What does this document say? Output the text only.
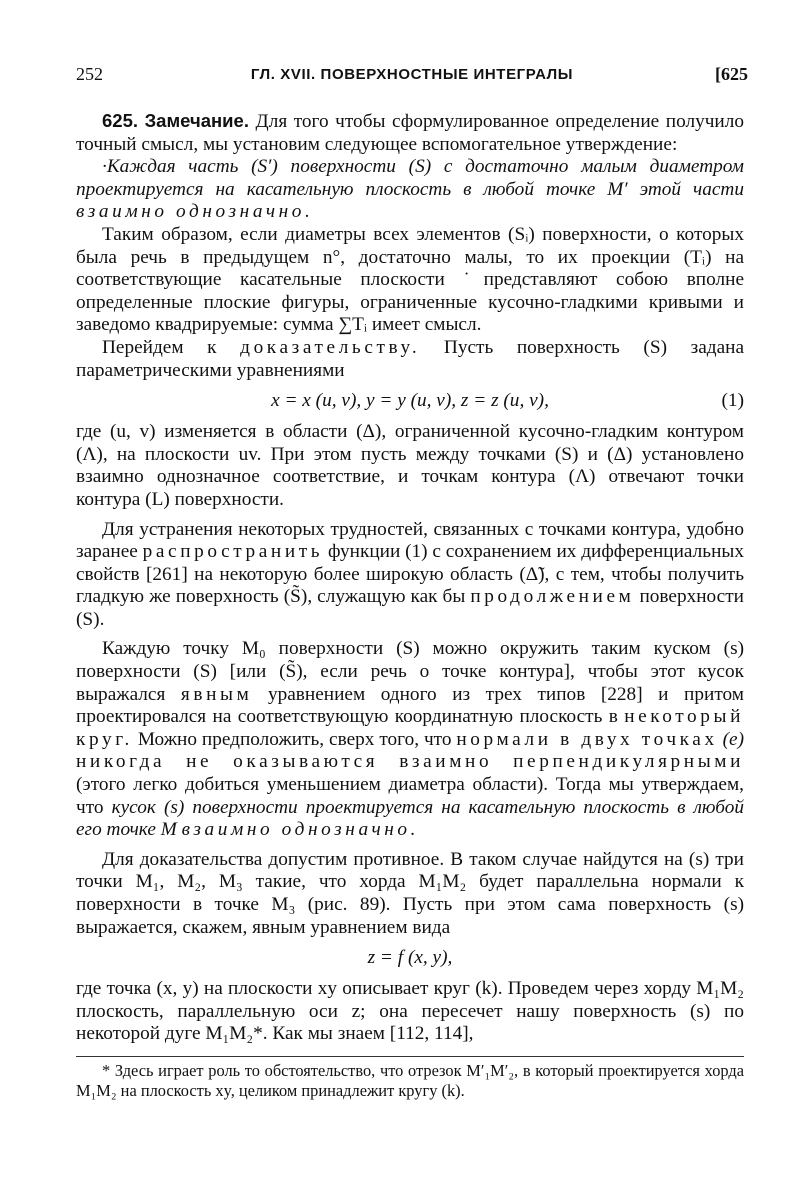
252	ГЛ. XVII. ПОВЕРХНОСТНЫЕ ИНТЕГРАЛЫ	[625

625. Замечание. Для того чтобы сформулированное определение получило точный смысл, мы установим следующее вспомогательное утверждение:

·Каждая часть (S′) поверхности (S) с достаточно малым диаметром проектируется на касательную плоскость в любой точке M′ этой части взаимно однозначно.

Таким образом, если диаметры всех элементов (Sᵢ) поверхности, о которых была речь в предыдущем n°, достаточно малы, то их проекции (Tᵢ) на соответствующие касательные плоскости ˙представляют собою вполне определенные плоские фигуры, ограниченные кусочно-гладкими кривыми и заведомо квадрируемые: сумма ∑Tᵢ имеет смысл.

Перейдем к доказательству. Пусть поверхность (S) задана параметрическими уравнениями

x = x (u, v), y = y (u, v), z = z (u, v),	(1)

где (u, v) изменяется в области (Δ), ограниченной кусочно-гладким контуром (Λ), на плоскости uv. При этом пусть между точками (S) и (Δ) установлено взаимно однозначное соответствие, и точкам контура (Λ) отвечают точки контура (L) поверхности.

Для устранения некоторых трудностей, связанных с точками контура, удобно заранее распространить функции (1) с сохранением их дифференциальных свойств [261] на некоторую более широкую область (Δ̃), с тем, чтобы получить гладкую же поверхность (S̃), служащую как бы продолжением поверхности (S).

Каждую точку M₀ поверхности (S) можно окружить таким куском (s) поверхности (S) [или (S̃), если речь о точке контура], чтобы этот кусок выражался явным уравнением одного из трех типов [228] и притом проектировался на соответствующую координатную плоскость в некоторый круг. Можно предположить, сверх того, что нормали в двух точках (e) никогда не оказываются взаимно перпендикулярными (этого легко добиться уменьшением диаметра области). Тогда мы утверждаем, что кусок (s) поверхности проектируется на касательную плоскость в любой его точке M взаимно однозначно.

Для доказательства допустим противное. В таком случае найдутся на (s) три точки M₁, M₂, M₃ такие, что хорда M₁M₂ будет параллельна нормали к поверхности в точке M₃ (рис. 89). Пусть при этом сама поверхность (s) выражается, скажем, явным уравнением вида

z = f (x, y),

где точка (x, y) на плоскости xy описывает круг (k). Проведем через хорду M₁M₂ плоскость, параллельную оси z; она пересечет нашу поверхность (s) по некоторой дуге M₁M₂*. Как мы знаем [112, 114],

* Здесь играет роль то обстоятельство, что отрезок M′₁M′₂, в который проектируется хорда M₁M₂ на плоскость xy, целиком принадлежит кругу (k).
